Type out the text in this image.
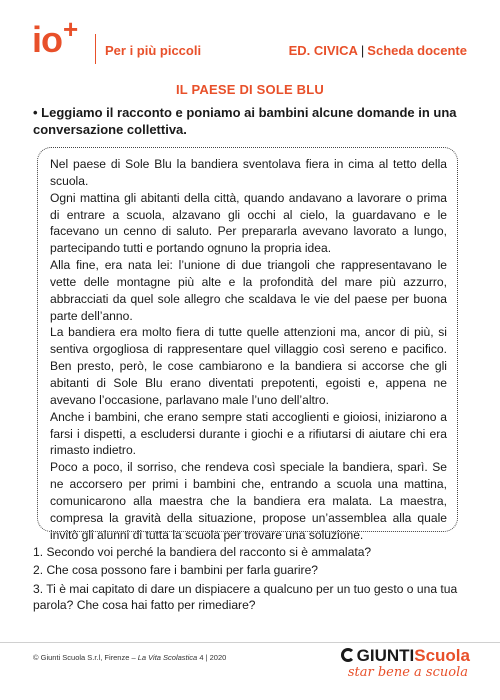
io+
Per i più piccoli	ED. CIVICA | Scheda docente
IL PAESE DI SOLE BLU
• Leggiamo il racconto e poniamo ai bambini alcune domande in una conversazione collettiva.

Nel paese di Sole Blu la bandiera sventolava fiera in cima al tetto della scuola.

Ogni mattina gli abitanti della città, quando andavano a lavorare o prima di entrare a scuola, alzavano gli occhi al cielo, la guardavano e le facevano un cenno di saluto. Per prepararla avevano lavorato a lungo, partecipando tutti e portando ognuno la propria idea.

Alla fine, era nata lei: l’unione di due triangoli che rappresentavano le vette delle montagne più alte e la profondità del mare più azzurro, abbracciati da quel sole allegro che scaldava le vie del paese per buona parte dell’anno.

La bandiera era molto fiera di tutte quelle attenzioni ma, ancor di più, si sentiva orgogliosa di rappresentare quel villaggio così sereno e pacifico. Ben presto, però, le cose cambiarono e la bandiera si accorse che gli abitanti di Sole Blu erano diventati prepotenti, egoisti e, appena ne avevano l’occasione, parlavano male l’uno dell’altro.

Anche i bambini, che erano sempre stati accoglienti e gioiosi, iniziarono a farsi i dispetti, a escludersi durante i giochi e a rifiutarsi di aiutare chi era rimasto indietro.

Poco a poco, il sorriso, che rendeva così speciale la bandiera, sparì. Se ne accorsero per primi i bambini che, entrando a scuola una mattina, comunicarono alla maestra che la bandiera era malata. La maestra, compresa la gravità della situazione, propose un’assemblea alla quale invitò gli alunni di tutta la scuola per trovare una soluzione.

1. Secondo voi perché la bandiera del racconto si è ammalata?

2. Che cosa possono fare i bambini per farla guarire?

3. Ti è mai capitato di dare un dispiacere a qualcuno per un tuo gesto o una tua parola? Che cosa hai fatto per rimediare?

© Giunti Scuola S.r.l, Firenze – La Vita Scolastica 4 | 2020	GIUNTIScuola
star bene a scuola
